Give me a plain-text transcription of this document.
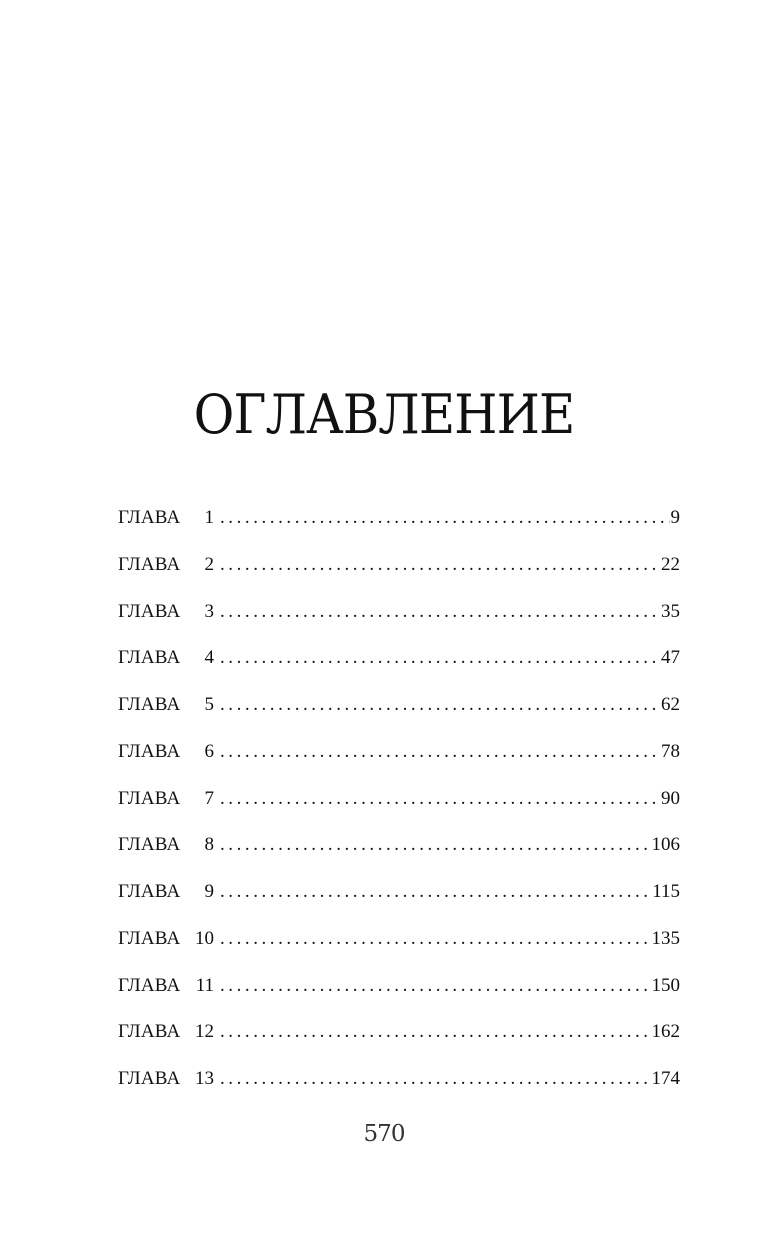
ОГЛАВЛЕНИЕ
ГЛАВА	1 . . .	9
ГЛАВА	2 . . .	22
ГЛАВА	3 . . .	35
ГЛАВА	4 . . .	47
ГЛАВА	5 . . .	62
ГЛАВА	6 . . .	78
ГЛАВА	7 . . .	90
ГЛАВА	8 . . .	106
ГЛАВА	9 . . .	115
ГЛАВА 10 . . .	135
ГЛАВА 11 . . .	150
ГЛАВА 12 . . .	162
ГЛАВА 13 . . .	174
570
